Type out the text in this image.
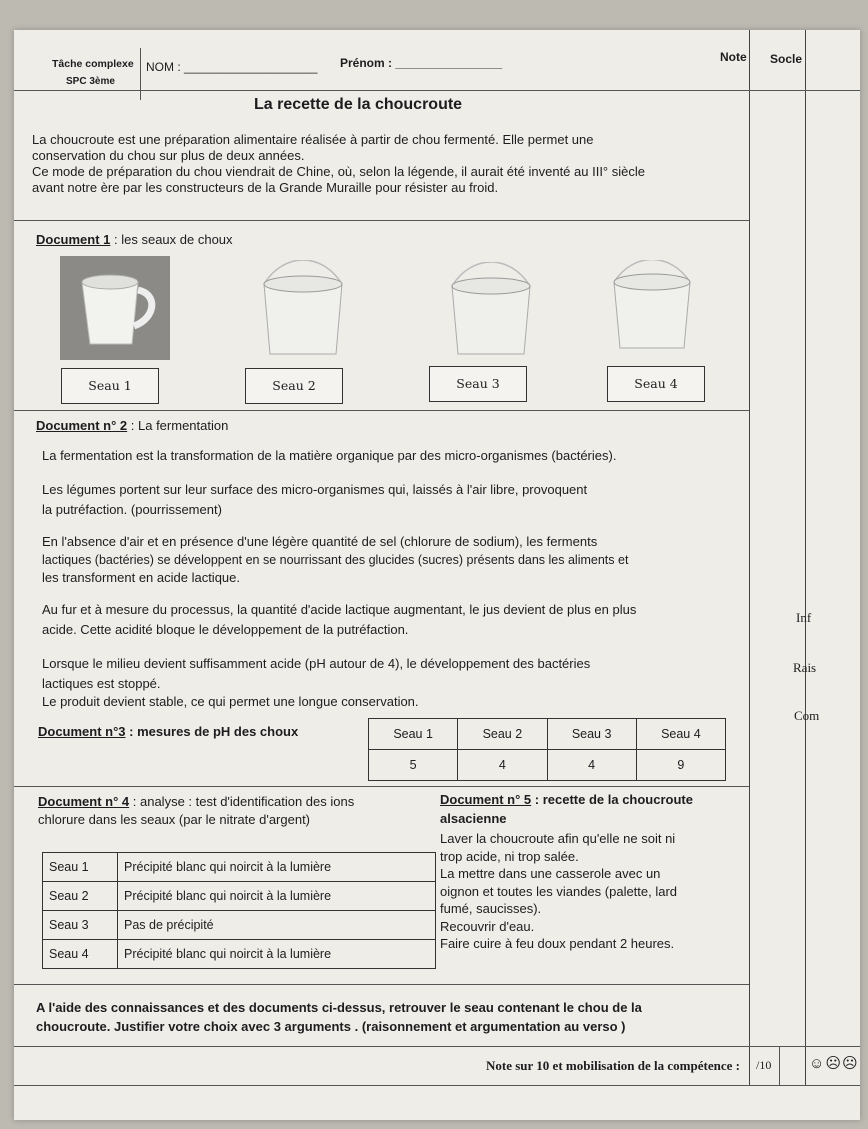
Tâche complexe
SPC 3ème
NOM : ____________________ Prénom : ________________	Note Socle
La recette de la choucroute
La choucroute est une préparation alimentaire réalisée à partir de chou fermenté. Elle permet une
conservation du chou sur plus de deux années.
Ce mode de préparation du chou viendrait de Chine, où, selon la légende, il aurait été inventé au III° siècle
avant notre ère par les constructeurs de la Grande Muraille pour résister au froid.
Document 1 : les seaux de choux
Seau 1	Seau 2	Seau 3	Seau 4
Document n° 2 : La fermentation
La fermentation est la transformation de la matière organique par des micro-organismes (bactéries).
Les légumes portent sur leur surface des micro-organismes qui, laissés à l'air libre, provoquent
la putréfaction. (pourrissement)
En l'absence d'air et en présence d'une légère quantité de sel (chlorure de sodium), les ferments
lactiques (bactéries) se développent en se nourrissant des glucides (sucres) présents dans les aliments et
les transforment en acide lactique.
Au fur et à mesure du processus, la quantité d'acide lactique augmentant, le jus devient de plus en plus
acide. Cette acidité bloque le développement de la putréfaction.
Lorsque le milieu devient suffisamment acide (pH autour de 4), le développement des bactéries
lactiques est stoppé.
Le produit devient stable, ce qui permet une longue conservation.
Inf
Rais
Com
Document n°3 : mesures de pH des choux	Seau 1	Seau 2	Seau 3	Seau 4
5	4	4	9
Document n° 4 : analyse : test d'identification des ions
chlorure dans les seaux (par le nitrate d'argent)
Seau 1	Précipité blanc qui noircit à la lumière
Seau 2	Précipité blanc qui noircit à la lumière
Seau 3	Pas de précipité
Seau 4	Précipité blanc qui noircit à la lumière
Document n° 5 : recette de la choucroute
alsacienne
Laver la choucroute afin qu'elle ne soit ni
trop acide, ni trop salée.
La mettre dans une casserole avec un
oignon et toutes les viandes (palette, lard
fumé, saucisses).
Recouvrir d'eau.
Faire cuire à feu doux pendant 2 heures.
A l'aide des connaissances et des documents ci-dessus, retrouver le seau contenant le chou de la
choucroute. Justifier votre choix avec 3 arguments . (raisonnement et argumentation au verso )
Note sur 10 et mobilisation de la compétence : /10	☺☹☹
